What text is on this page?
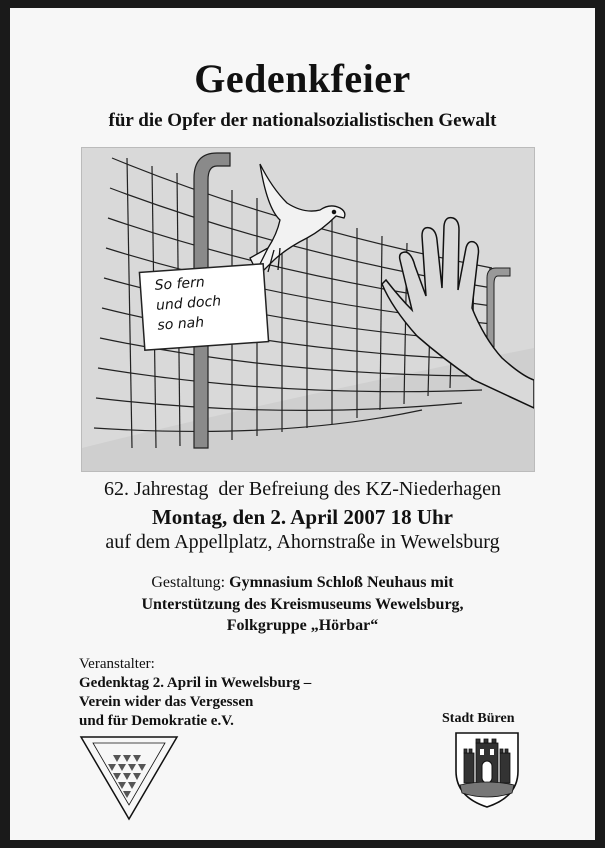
Gedenkfeier
für die Opfer der nationalsozialistischen Gewalt
So fern
und doch
so nah
62. Jahrestag  der Befreiung des KZ-Niederhagen
Montag, den 2. April 2007 18 Uhr
auf dem Appellplatz, Ahornstraße in Wewelsburg
Gestaltung: Gymnasium Schloß Neuhaus mit
Unterstützung des Kreismuseums Wewelsburg,
Folkgruppe „Hörbar“
Veranstalter:
Gedenktag 2. April in Wewelsburg –
Verein wider das Vergessen
und für Demokratie e.V.	Stadt Büren
